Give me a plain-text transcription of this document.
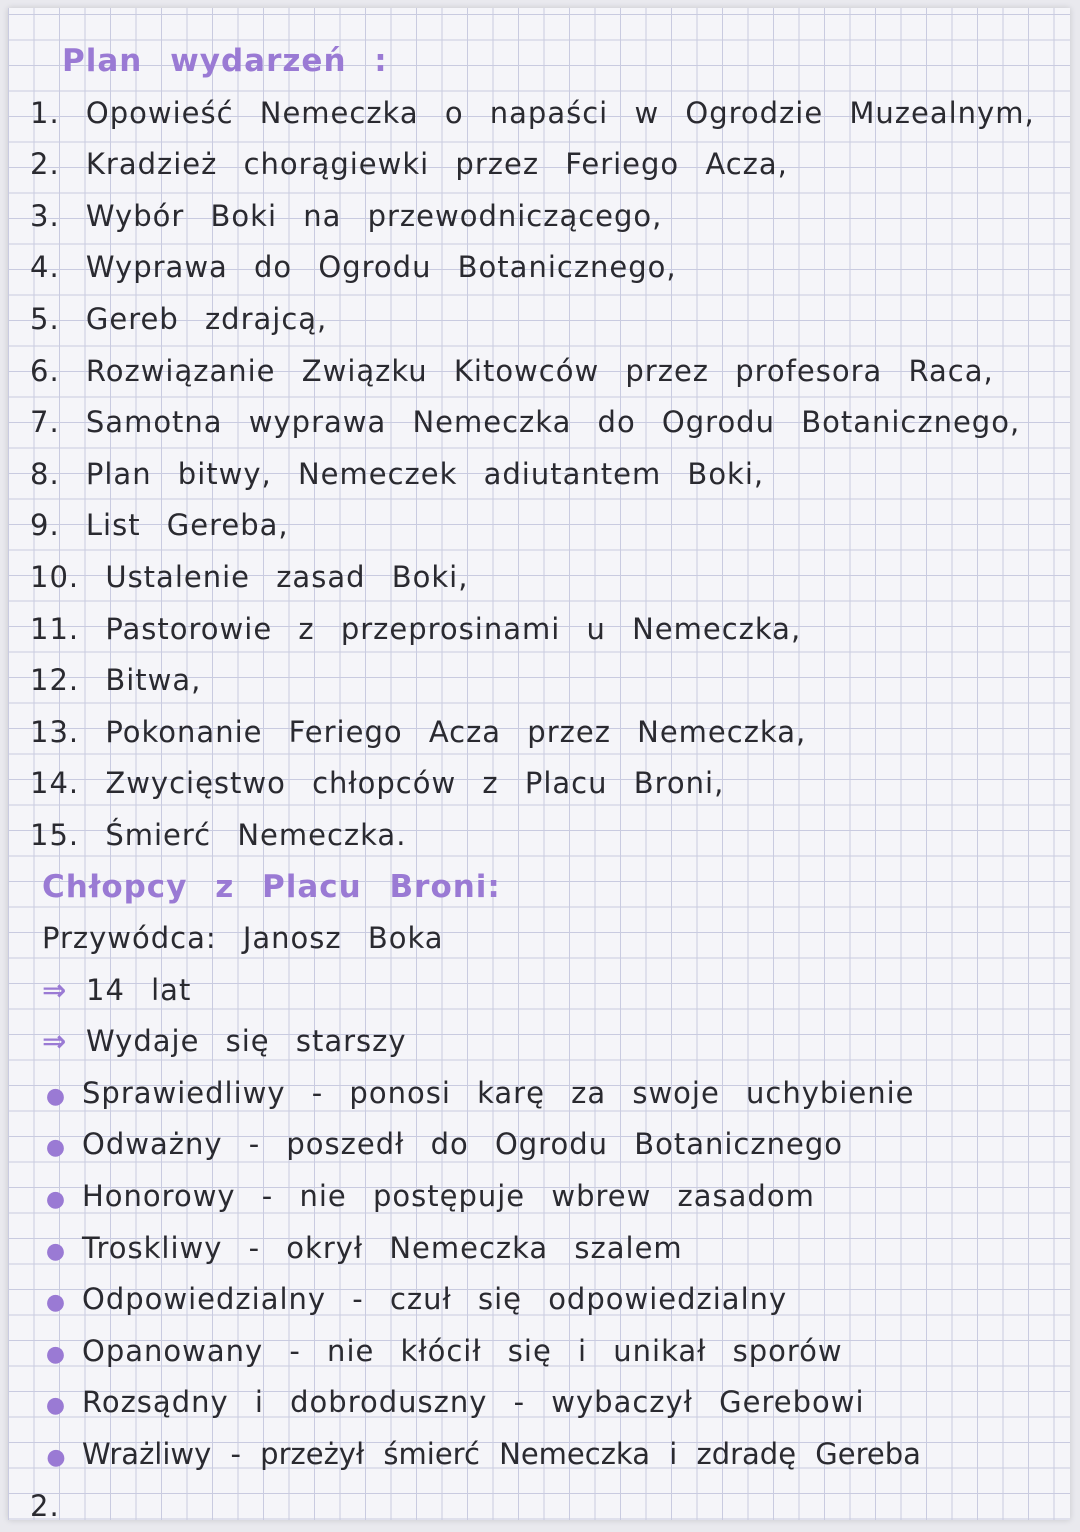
Plan wydarzeń :
1. Opowieść Nemeczka o napaści w Ogrodzie Muzealnym,
2. Kradzież chorągiewki przez Feriego Acza,
3. Wybór Boki na przewodniczącego,
4. Wyprawa do Ogrodu Botanicznego,
5. Gereb zdrajcą,
6. Rozwiązanie Związku Kitowców przez profesora Raca,
7. Samotna wyprawa Nemeczka do Ogrodu Botanicznego,
8. Plan bitwy, Nemeczek adiutantem Boki,
9. List Gereba,
10. Ustalenie zasad Boki,
11. Pastorowie z przeprosinami u Nemeczka,
12. Bitwa,
13. Pokonanie Feriego Acza przez Nemeczka,
14. Zwycięstwo chłopców z Placu Broni,
15. Śmierć Nemeczka.
Chłopcy z Placu Broni:
Przywódca: Janosz Boka
⇒ 14 lat
⇒ Wydaje się starszy
● Sprawiedliwy - ponosi karę za swoje uchybienie
● Odważny - poszedł do Ogrodu Botanicznego
● Honorowy - nie postępuje wbrew zasadom
● Troskliwy - okrył Nemeczka szalem
● Odpowiedzialny - czuł się odpowiedzialny
● Opanowany - nie kłócił się i unikał sporów
● Rozsądny i dobroduszny - wybaczył Gerebowi
● Wrażliwy - przeżył śmierć Nemeczka i zdradę Gereba
2.
